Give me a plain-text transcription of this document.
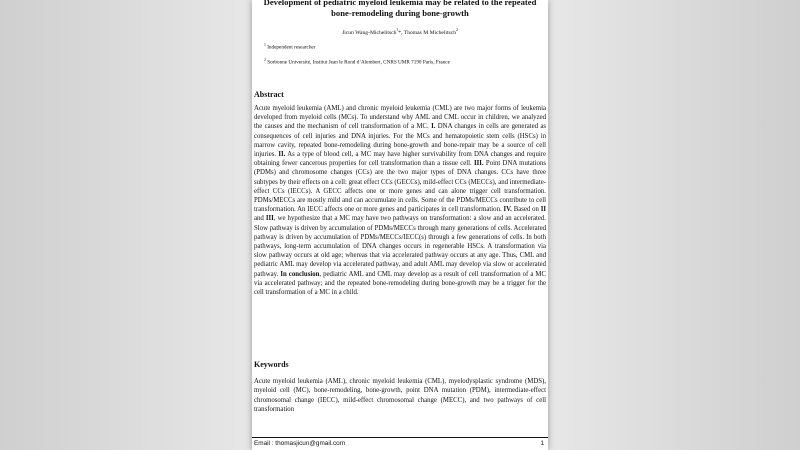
Development of pediatric myeloid leukemia may be related to the repeated bone-remodeling during bone-growth
Jicun Wang-Michelitsch$^1$*, Thomas M Michelitsch$^2$
$^1$ Independent researcher
$^2$ Sorbonne Université, Institut Jean le Rond d’Alembert, CNRS UMR 7190 Paris, France
Abstract

Acute myeloid leukemia (AML) and chronic myeloid leukemia (CML) are two major forms of leukemia developed from myeloid cells (MCs). To understand why AML and CML occur in children, we analyzed the causes and the mechanism of cell transformation of a MC. I. DNA changes in cells are generated as consequences of cell injuries and DNA injuries. For the MCs and hematopoietic stem cells (HSCs) in marrow cavity, repeated bone-remodeling during bone-growth and bone-repair may be a source of cell injuries. II. As a type of blood cell, a MC may have higher survivability from DNA changes and require obtaining fewer cancerous properties for cell transformation than a tissue cell. III. Point DNA mutations (PDMs) and chromosome changes (CCs) are the two major types of DNA changes. CCs have three subtypes by their effects on a cell: great effect CCs (GECCs), mild-effect CCs (MECCs), and intermediate-effect CCs (IECCs). A GECC affects one or more genes and can alone trigger cell transformation. PDMs/MECCs are mostly mild and can accumulate in cells. Some of the PDMs/MECCs contribute to cell transformation. An IECC affects one or more genes and participates in cell transformation. IV. Based on II and III, we hypothesize that a MC may have two pathways on transformation: a slow and an accelerated. Slow pathway is driven by accumulation of PDMs/MECCs through many generations of cells. Accelerated pathway is driven by accumulation of PDMs/MECCs/IECC(s) through a few generations of cells. In both pathways, long-term accumulation of DNA changes occurs in regenerable HSCs. A transformation via slow pathway occurs at old age; whereas that via accelerated pathway occurs at any age. Thus, CML and pediatric AML may develop via accelerated pathway, and adult AML may develop via slow or accelerated pathway. In conclusion, pediatric AML and CML may develop as a result of cell transformation of a MC via accelerated pathway; and the repeated bone-remodeling during bone-growth may be a trigger for the cell transformation of a MC in a child.

Keywords

Acute myeloid leukemia (AML), chronic myeloid leukemia (CML), myelodysplastic syndrome (MDS), myeloid cell (MC), bone-remodeling, bone-growth, point DNA mutation (PDM), intermediate-effect chromosomal change (IECC), mild-effect chromosomal change (MECC), and two pathways of cell transformation

Email : thomasjicun@gmail.com	1
